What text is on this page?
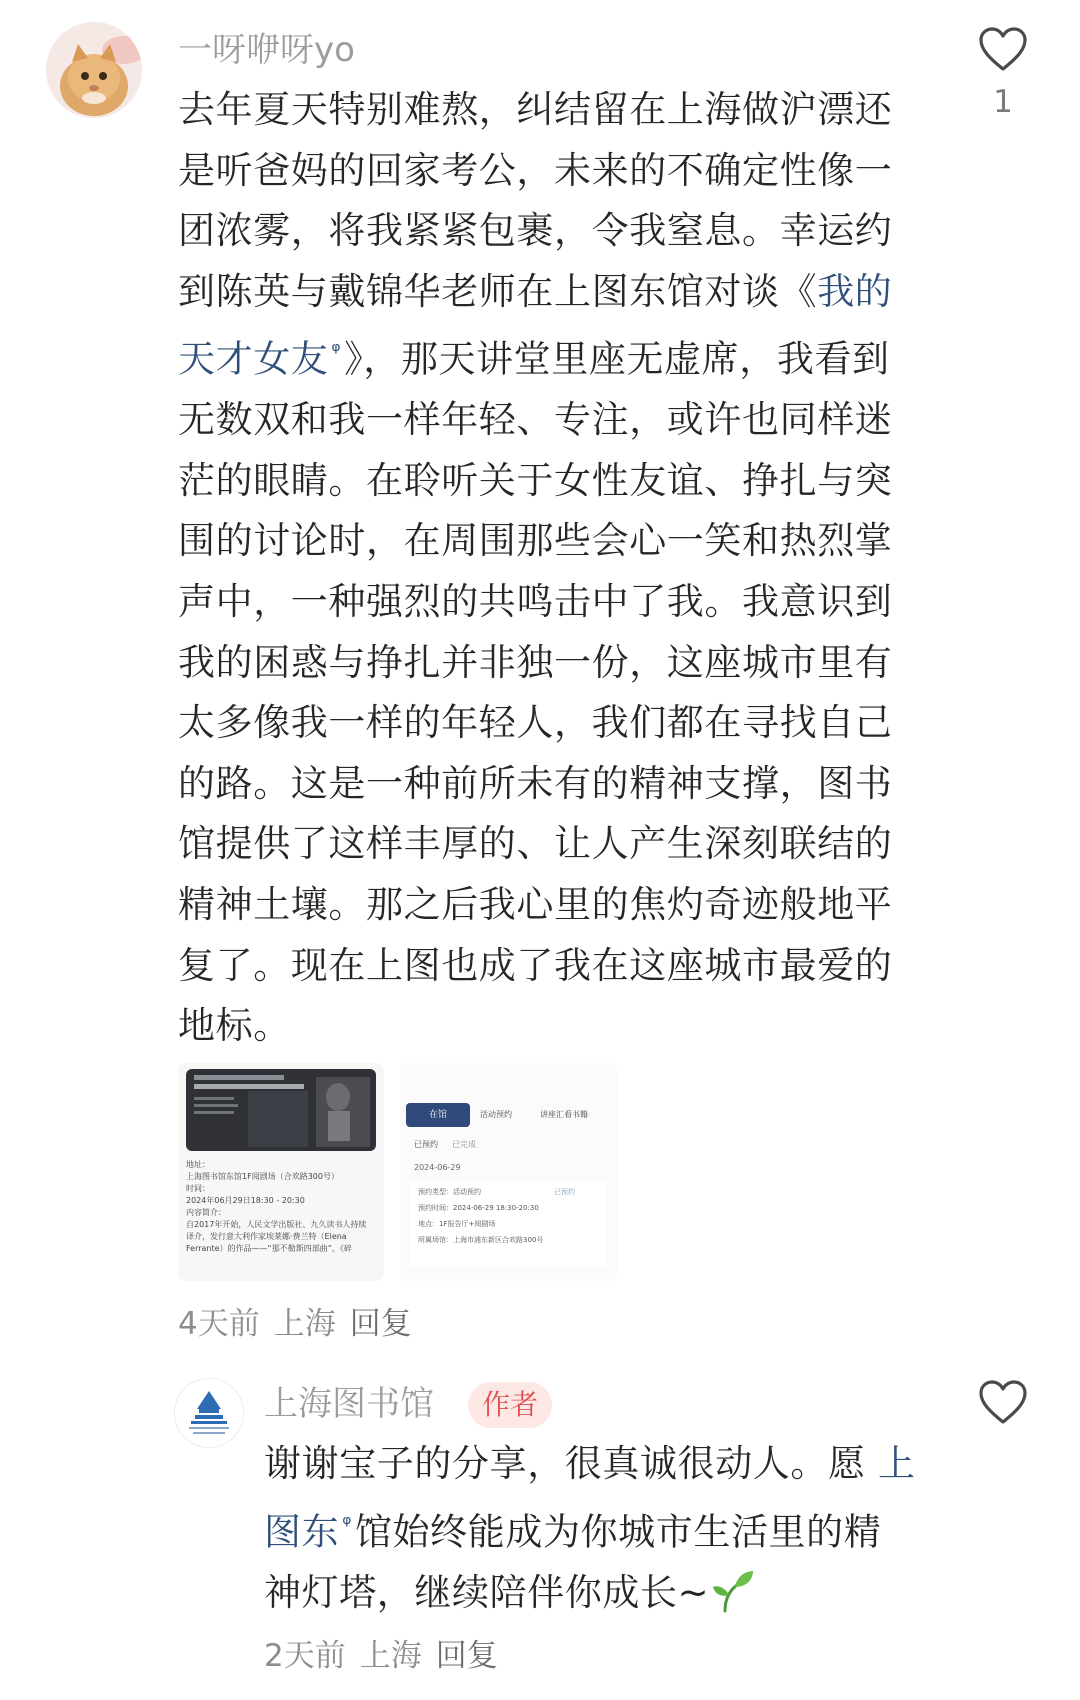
一呀咿呀yo
去年夏天特别难熬，纠结留在上海做沪漂还
是听爸妈的回家考公，未来的不确定性像一
团浓雾，将我紧紧包裹，令我窒息。幸运约
到陈英与戴锦华老师在上图东馆对谈《我的
天才女友 $^ᵠ$》，那天讲堂里座无虚席，我看到
无数双和我一样年轻、专注，或许也同样迷
茫的眼睛。在聆听关于女性友谊、挣扎与突
围的讨论时，在周围那些会心一笑和热烈掌
声中，一种强烈的共鸣击中了我。我意识到
我的困惑与挣扎并非独一份，这座城市里有
太多像我一样的年轻人，我们都在寻找自己
的路。这是一种前所未有的精神支撑，图书
馆提供了这样丰厚的、让人产生深刻联结的
精神土壤。那之后我心里的焦灼奇迹般地平
复了。现在上图也成了我在这座城市最爱的
地标。
1
地址：
上海图书馆东馆1F阅剧场（合欢路300号）
时间：
2024年06月29日18:30 - 20:30
内容简介：
自2017年开始，人民文学出版社、九久读书人持续
译介，发行意大利作家埃莱娜·费兰特（Elena
Ferrante）的作品——“那不勒斯四部曲”，《碎
在馆	活动预约	讲座汇看书籍
已预约 已完成
2024-06-29
预约类型：活动预约	已预约
预约时间：2024-06-29 18:30-20:30
地点：1F报告厅+阅剧场
所属场馆：上海市浦东新区合欢路300号
4天前 上海 回复
上海图书馆	作者
谢谢宝子的分享，很真诚很动人。愿 上
图东 $^ᵠ$馆始终能成为你城市生活里的精
神灯塔，继续陪伴你成长~
2天前 上海 回复
